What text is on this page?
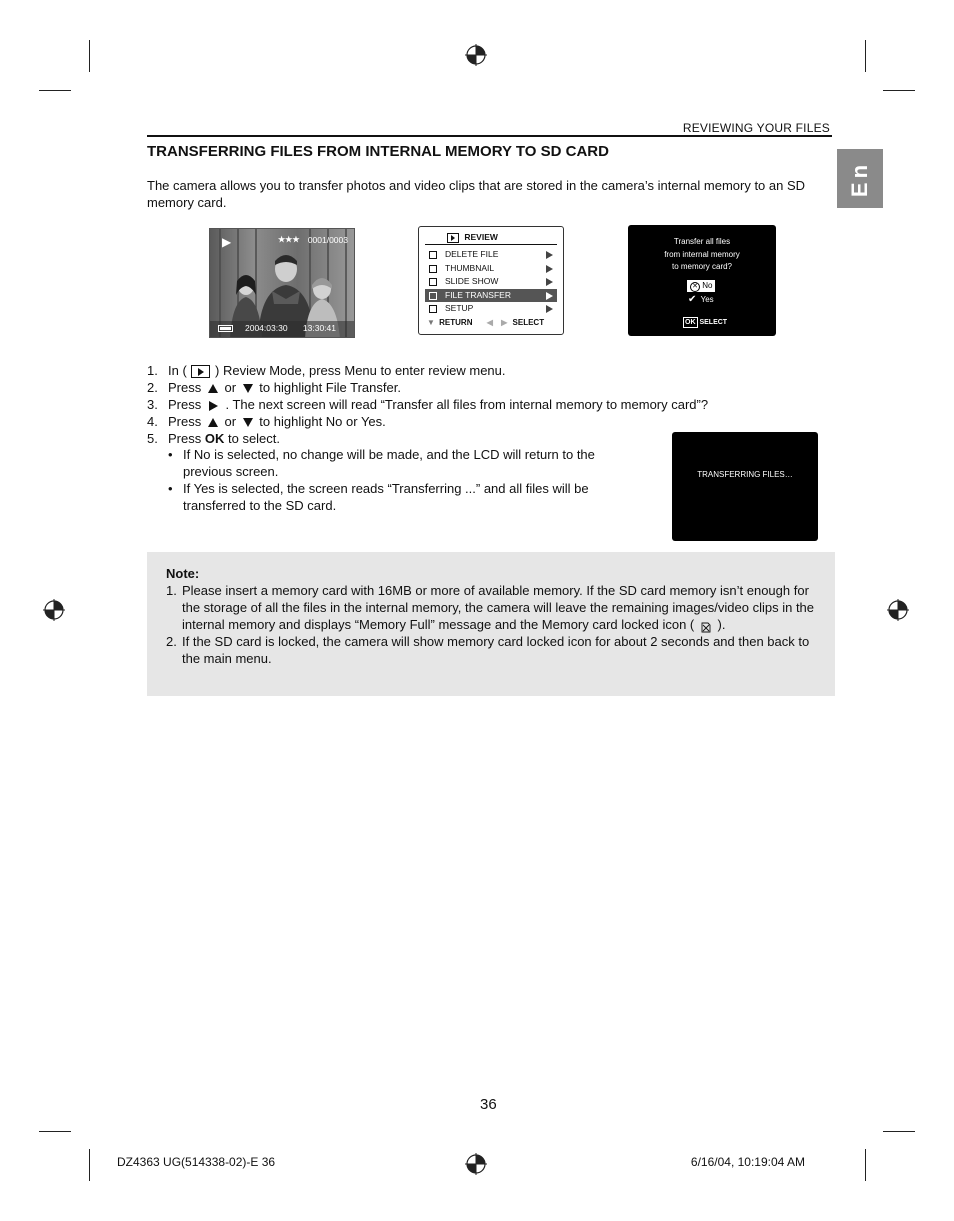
REVIEWING YOUR FILES
En
TRANSFERRING FILES FROM INTERNAL MEMORY TO SD CARD

The camera allows you to transfer photos and video clips that are stored in the camera’s internal memory to an SD memory card.

▶	★★★ 0001/0003
2004:03:30 13:30:41
REVIEW
DELETE FILE
THUMBNAIL
SLIDE SHOW
FILE TRANSFER
SETUP
▼ RETURN ◀ ▶ SELECT
Transfer all files
from internal memory
to memory card?
✕ No
✔ Yes
OK SELECT
1. In ( ) Review Mode, press Menu to enter review menu.
2. Press or to highlight File Transfer.
3. Press . The next screen will read “Transfer all files from internal memory to memory card”?
4. Press or to highlight No or Yes.
5. Press OK to select.
• If No is selected, no change will be made, and the LCD will return to the previous screen.
• If Yes is selected, the screen reads “Transferring ...” and all files will be transferred to the SD card.
TRANSFERRING FILES…
Note:
1. Please insert a memory card with 16MB or more of available memory. If the SD card memory isn’t enough for the storage of all the files in the internal memory, the camera will leave the remaining images/video clips in the internal memory and displays “Memory Full” message and the Memory card locked icon ( ).
2. If the SD card is locked, the camera will show memory card locked icon for about 2 seconds and then back to the main menu.
36
DZ4363 UG(514338-02)-E 36	6/16/04, 10:19:04 AM
